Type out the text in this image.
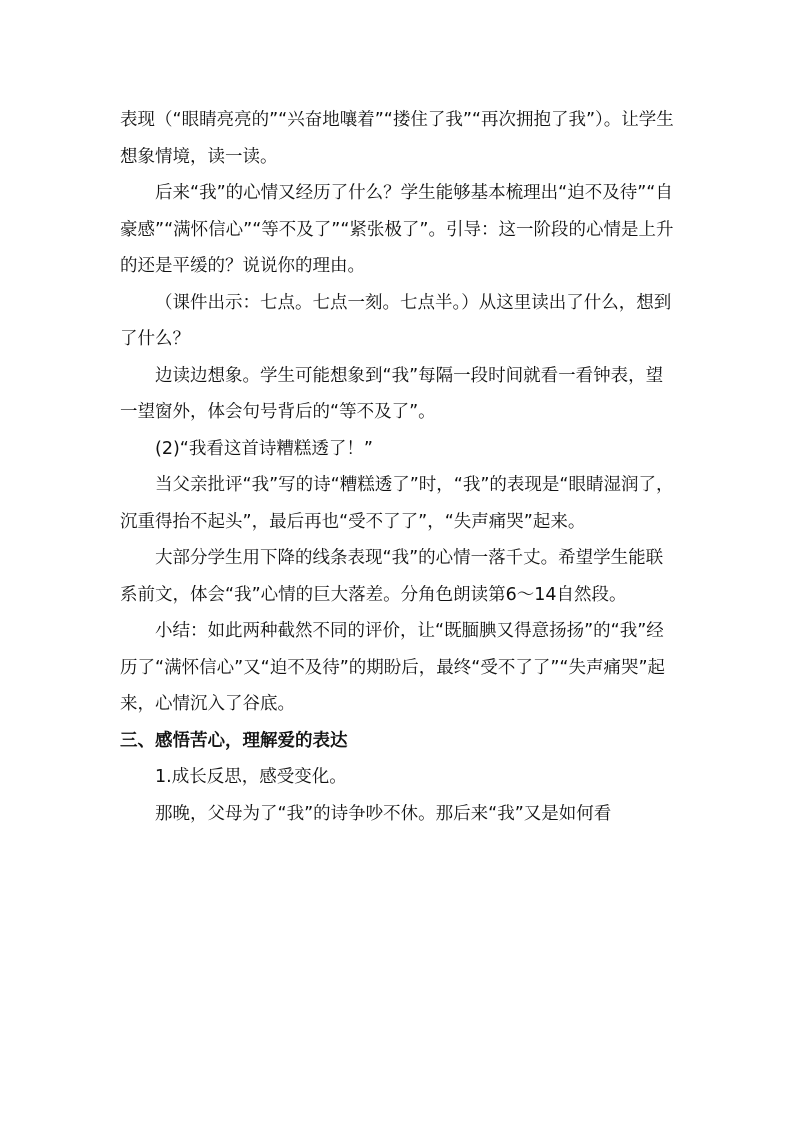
表现（“眼睛亮亮的”“兴奋地嚷着”“搂住了我”“再次拥抱了我”）。让学生想象情境，读一读。

后来“我”的心情又经历了什么？学生能够基本梳理出“迫不及待”“自豪感”“满怀信心”“等不及了”“紧张极了”。引导：这一阶段的心情是上升的还是平缓的？说说你的理由。

（课件出示：七点。七点一刻。七点半。）从这里读出了什么，想到了什么？

边读边想象。学生可能想象到“我”每隔一段时间就看一看钟表，望一望窗外，体会句号背后的“等不及了”。

(2)“我看这首诗糟糕透了！”

当父亲批评“我”写的诗“糟糕透了”时，“我”的表现是“眼睛湿润了，沉重得抬不起头”，最后再也“受不了了”，“失声痛哭”起来。

大部分学生用下降的线条表现“我”的心情一落千丈。希望学生能联系前文，体会“我”心情的巨大落差。分角色朗读第6～14自然段。

小结：如此两种截然不同的评价，让“既腼腆又得意扬扬”的“我”经历了“满怀信心”又“迫不及待”的期盼后，最终“受不了了”“失声痛哭”起来，心情沉入了谷底。

三、感悟苦心，理解爱的表达

1.成长反思，感受变化。

那晚，父母为了“我”的诗争吵不休。那后来“我”又是如何看
